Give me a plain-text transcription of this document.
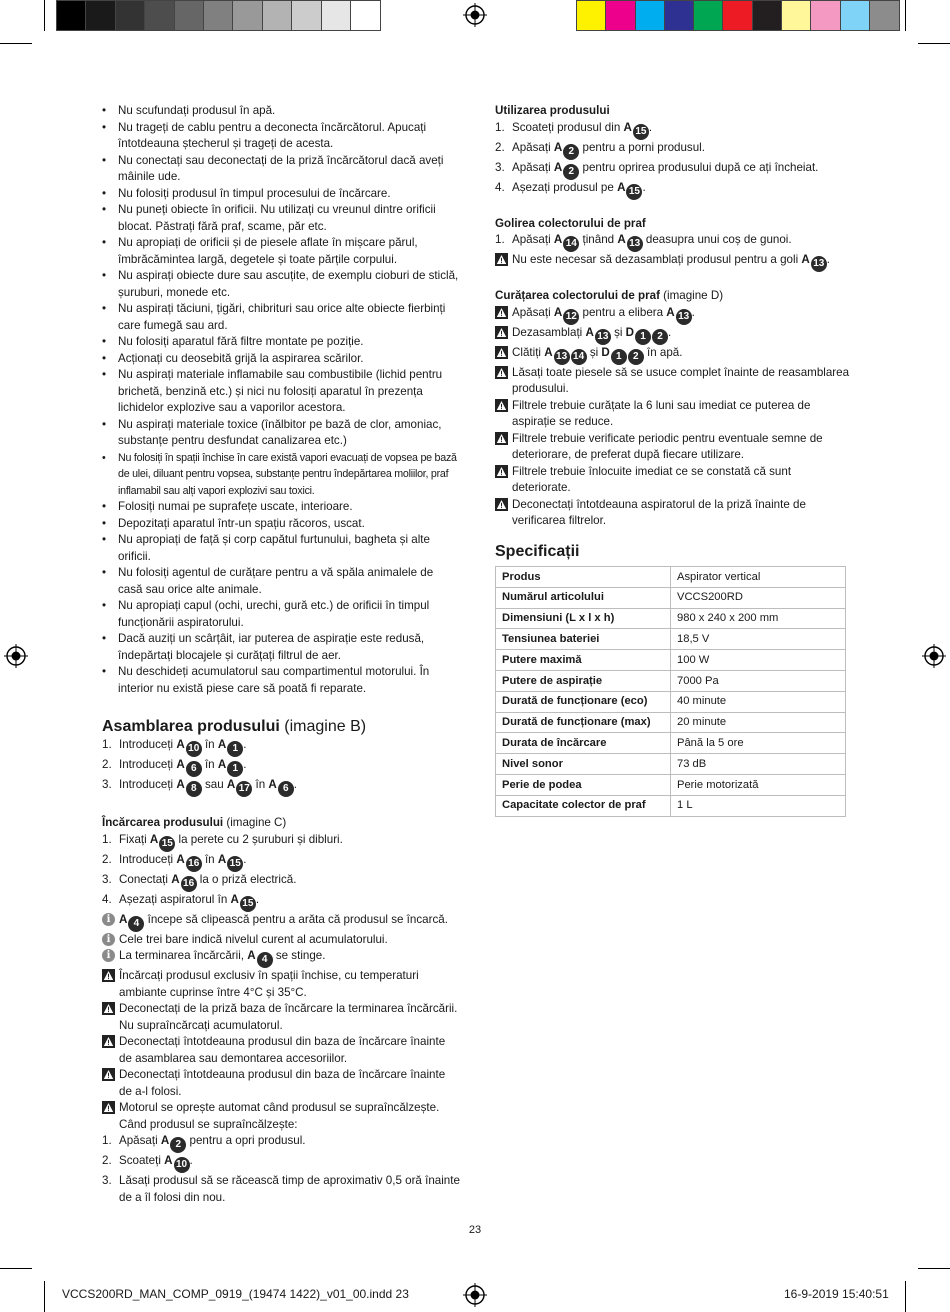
• Nu scufundați produsul în apă.
• Nu trageți de cablu pentru a deconecta încărcătorul. Apucați întotdeauna ștecherul și trageți de acesta.
• Nu conectați sau deconectați de la priză încărcătorul dacă aveți mâinile ude.
• Nu folosiți produsul în timpul procesului de încărcare.
• Nu puneți obiecte în orificii. Nu utilizați cu vreunul dintre orificii blocat. Păstrați fără praf, scame, păr etc.
• Nu apropiați de orificii și de piesele aflate în mișcare părul, îmbrăcămintea largă, degetele și toate părțile corpului.
• Nu aspirați obiecte dure sau ascuțite, de exemplu cioburi de sticlă, șuruburi, monede etc.
• Nu aspirați tăciuni, țigări, chibrituri sau orice alte obiecte fierbinți care fumegă sau ard.
• Nu folosiți aparatul fără filtre montate pe poziție.
• Acționați cu deosebită grijă la aspirarea scărilor.
• Nu aspirați materiale inflamabile sau combustibile (lichid pentru brichetă, benzină etc.) și nici nu folosiți aparatul în prezența lichidelor explozive sau a vaporilor acestora.
• Nu aspirați materiale toxice (înălbitor pe bază de clor, amoniac, substanțe pentru desfundat canalizarea etc.)
• Nu folosiți în spații închise în care există vapori evacuați de vopsea pe bază de ulei, diluant pentru vopsea, substanțe pentru îndepărtarea moliilor, praf inflamabil sau alți vapori explozivi sau toxici.
• Folosiți numai pe suprafețe uscate, interioare.
• Depozitați aparatul într-un spațiu răcoros, uscat.
• Nu apropiați de față și corp capătul furtunului, bagheta și alte orificii.
• Nu folosiți agentul de curățare pentru a vă spăla animalele de casă sau orice alte animale.
• Nu apropiați capul (ochi, urechi, gură etc.) de orificii în timpul funcționării aspiratorului.
• Dacă auziți un scârțâit, iar puterea de aspirație este redusă, îndepărtați blocajele și curățați filtrul de aer.
• Nu deschideți acumulatorul sau compartimentul motorului. În interior nu există piese care să poată fi reparate.
Asamblarea produsului (imagine B)
1. Introduceți A 10 în A 1 .
2. Introduceți A 6 în A 1 .
3. Introduceți A 8 sau A 17 în A 6 .
Încărcarea produsului (imagine C)
1. Fixați A 15 la perete cu 2 șuruburi și dibluri.
2. Introduceți A 16 în A 15 .
3. Conectați A 16 la o priză electrică.
4. Așezați aspiratorul în A 15 .
i A 4 începe să clipească pentru a arăta că produsul se încarcă.
i Cele trei bare indică nivelul curent al acumulatorului.
i La terminarea încărcării, A 4 se stinge.
Încărcați produsul exclusiv în spații închise, cu temperaturi ambiante cuprinse între 4°C și 35°C.
Deconectați de la priză baza de încărcare la terminarea încărcării. Nu supraîncărcați acumulatorul.
Deconectați întotdeauna produsul din baza de încărcare înainte de asamblarea sau demontarea accesoriilor.
Deconectați întotdeauna produsul din baza de încărcare înainte de a-l folosi.
Motorul se oprește automat când produsul se supraîncălzește. Când produsul se supraîncălzește:
1. Apăsați A 2 pentru a opri produsul.
2. Scoateți A 10 .
3. Lăsați produsul să se răcească timp de aproximativ 0,5 oră înainte de a îl folosi din nou.
Utilizarea produsului
1. Scoateți produsul din A 15 .
2. Apăsați A 2 pentru a porni produsul.
3. Apăsați A 2 pentru oprirea produsului după ce ați încheiat.
4. Așezați produsul pe A 15 .
Golirea colectorului de praf
1. Apăsați A 14 ținând A 13 deasupra unui coș de gunoi.
Nu este necesar să dezasamblați produsul pentru a goli A 13 .
Curățarea colectorului de praf (imagine D)
Apăsați A 12 pentru a elibera A 13 .
Dezasamblați A 13 și D 1 2 .
Clătiți A 13 14 și D 1 2 în apă.
Lăsați toate piesele să se usuce complet înainte de reasamblarea produsului.
Filtrele trebuie curățate la 6 luni sau imediat ce puterea de aspirație se reduce.
Filtrele trebuie verificate periodic pentru eventuale semne de deteriorare, de preferat după fiecare utilizare.
Filtrele trebuie înlocuite imediat ce se constată că sunt deteriorate.
Deconectați întotdeauna aspiratorul de la priză înainte de verificarea filtrelor.
Specificații
Produs	Aspirator vertical
Numărul articolului	VCCS200RD
Dimensiuni (L x l x h)	980 x 240 x 200 mm
Tensiunea bateriei	18,5 V
Putere maximă	100 W
Putere de aspirație	7000 Pa
Durată de funcționare (eco)	40 minute
Durată de funcționare (max)	20 minute
Durata de încărcare	Până la 5 ore
Nivel sonor	73 dB
Perie de podea	Perie motorizată
Capacitate colector de praf	1 L
23
VCCS200RD_MAN_COMP_0919_(19474 1422)_v01_00.indd 23	16-9-2019 15:40:51
